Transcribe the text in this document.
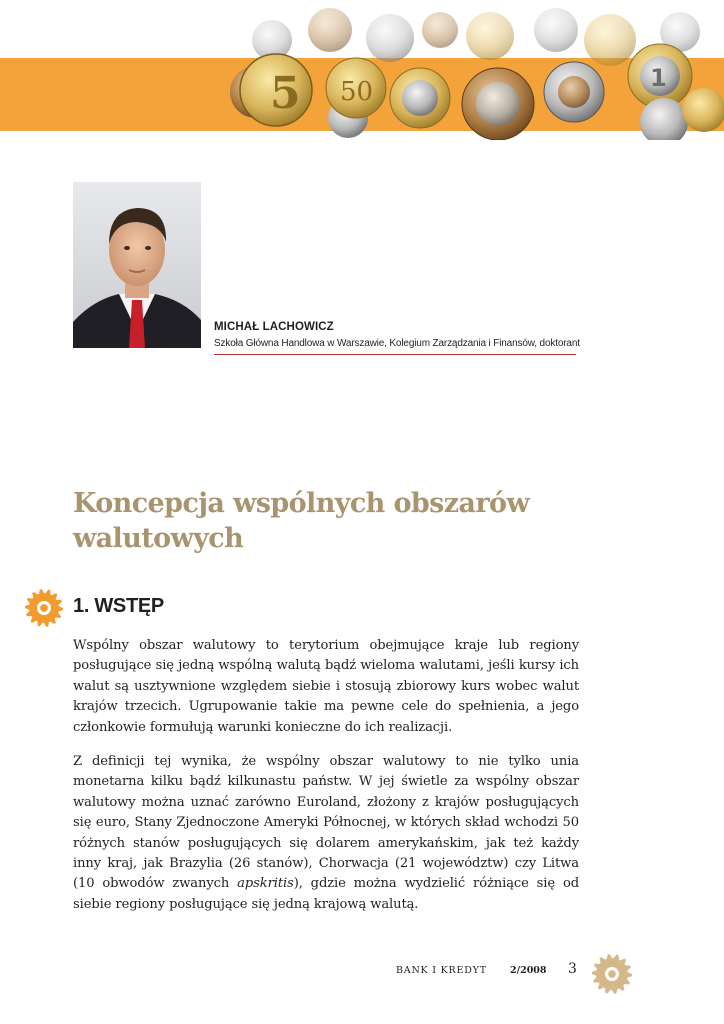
5 50	1
MICHAŁ LACHOWICZ
Szkoła Główna Handlowa w Warszawie, Kolegium Zarządzania i Finansów, doktorant
Koncepcja wspólnych obszarów
walutowych
1. WSTĘP

Wspólny obszar walutowy to terytorium obejmujące kraje lub regiony posługujące się jedną wspólną walutą bądź wieloma walutami, jeśli kursy ich walut są usztywnione względem siebie i stosują zbiorowy kurs wobec walut krajów trzecich. Ugrupowanie takie ma pewne cele do spełnienia, a jego członkowie formułują warunki konieczne do ich realizacji.

Z definicji tej wynika, że wspólny obszar walutowy to nie tylko unia monetarna kilku bądź kilkunastu państw. W jej świetle za wspólny obszar walutowy można uznać zarówno Euroland, złożony z krajów posługujących się euro, Stany Zjednoczone Ameryki Północnej, w których skład wchodzi 50 różnych stanów posługujących się dolarem amerykańskim, jak też każdy inny kraj, jak Brazylia (26 stanów), Chorwacja (21 województw) czy Litwa (10 obwodów zwanych apskritis), gdzie można wydzielić różniące się od siebie regiony posługujące się jedną krajową walutą.

BANK I KREDYT 2/2008 3
